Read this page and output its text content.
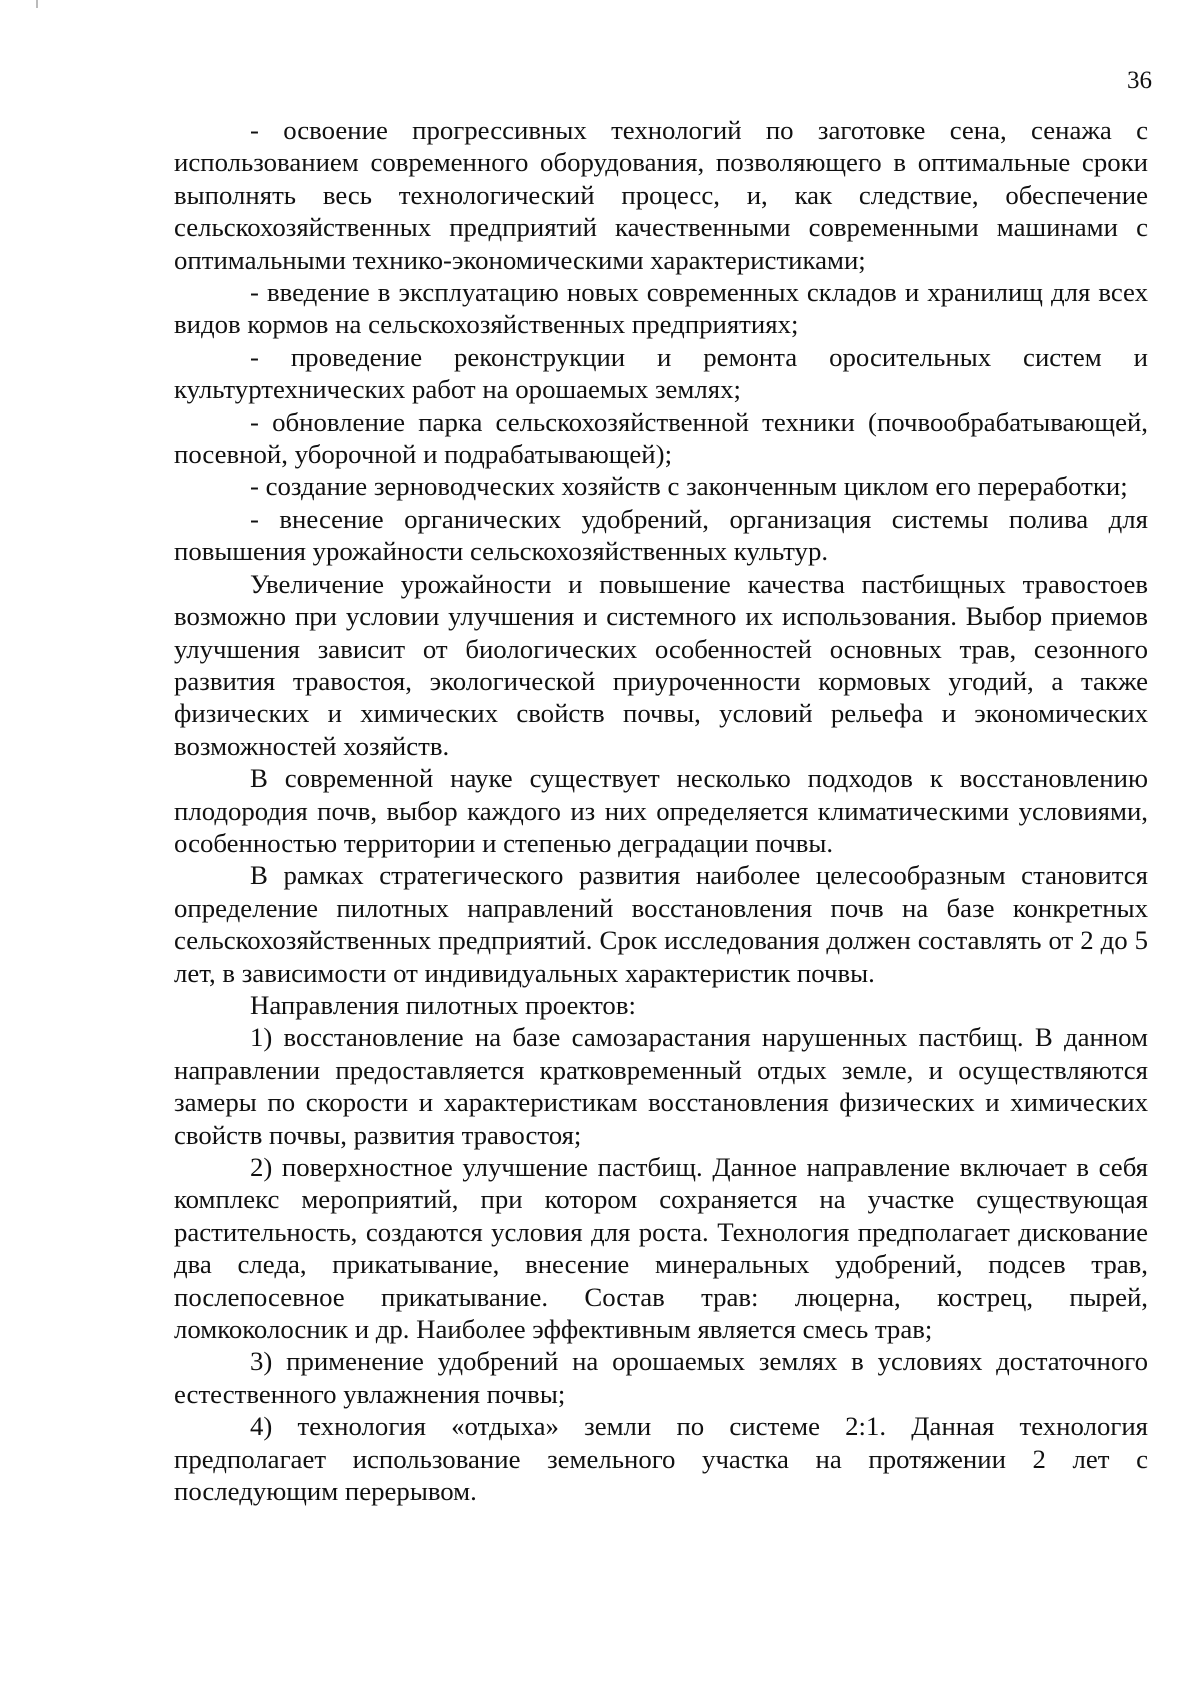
36

- освоение прогрессивных технологий по заготовке сена, сенажа с использованием современного оборудования, позволяющего в оптимальные сроки выполнять весь технологический процесс, и, как следствие, обеспечение сельскохозяйственных предприятий качественными современными машинами с оптимальными технико-экономическими характеристиками;

- введение в эксплуатацию новых современных складов и хранилищ для всех видов кормов на сельскохозяйственных предприятиях;

- проведение реконструкции и ремонта оросительных систем и культуртехнических работ на орошаемых землях;

- обновление парка сельскохозяйственной техники (почвообрабатывающей, посевной, уборочной и подрабатывающей);

- создание зерноводческих хозяйств с законченным циклом его переработки;

- внесение органических удобрений, организация системы полива для повышения урожайности сельскохозяйственных культур.

Увеличение урожайности и повышение качества пастбищных травостоев возможно при условии улучшения и системного их использования. Выбор приемов улучшения зависит от биологических особенностей основных трав, сезонного развития травостоя, экологической приуроченности кормовых угодий, а также физических и химических свойств почвы, условий рельефа и экономических возможностей хозяйств.

В современной науке существует несколько подходов к восстановлению плодородия почв, выбор каждого из них определяется климатическими условиями, особенностью территории и степенью деградации почвы.

В рамках стратегического развития наиболее целесообразным становится определение пилотных направлений восстановления почв на базе конкретных сельскохозяйственных предприятий. Срок исследования должен составлять от 2 до 5 лет, в зависимости от индивидуальных характеристик почвы.

Направления пилотных проектов:

1) восстановление на базе самозарастания нарушенных пастбищ. В данном направлении предоставляется кратковременный отдых земле, и осуществляются замеры по скорости и характеристикам восстановления физических и химических свойств почвы, развития травостоя;

2) поверхностное улучшение пастбищ. Данное направление включает в себя комплекс мероприятий, при котором сохраняется на участке существующая растительность, создаются условия для роста. Технология предполагает дискование два следа, прикатывание, внесение минеральных удобрений, подсев трав, послепосевное прикатывание. Состав трав: люцерна, кострец, пырей, ломкоколосник и др. Наиболее эффективным является смесь трав;

3) применение удобрений на орошаемых землях в условиях достаточного естественного увлажнения почвы;

4) технология «отдыха» земли по системе 2:1. Данная технология предполагает использование земельного участка на протяжении 2 лет с последующим перерывом.
